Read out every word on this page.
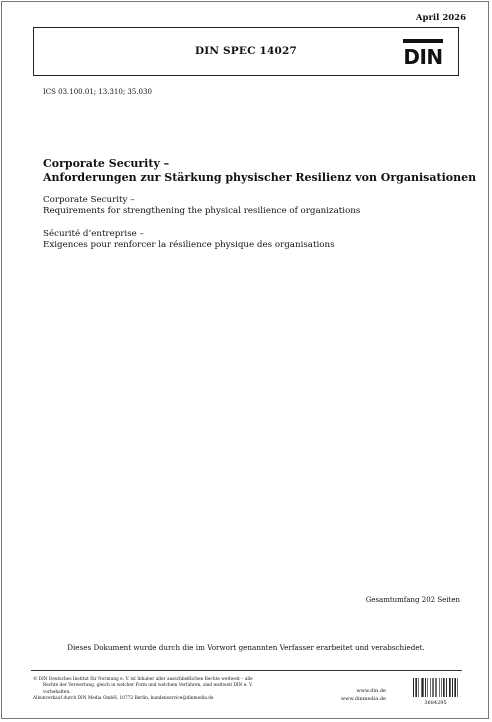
April 2026
DIN SPEC 14027	DIN
ICS 03.100.01; 13.310; 35.030
Corporate Security –
Anforderungen zur Stärkung physischer Resilienz von Organisationen
Corporate Security –
Requirements for strengthening the physical resilience of organizations
Sécurité d’entreprise –
Exigences pour renforcer la résilience physique des organisations
Gesamtumfang 202 Seiten
Dieses Dokument wurde durch die im Vorwort genannten Verfasser erarbeitet und verabschiedet.
© DIN Deutsches Institut für Normung e. V. ist Inhaber aller ausschließlichen Rechte weltweit – alle
Rechte der Verwertung, gleich in welcher Form und welchem Verfahren, sind weltweit DIN e. V.
vorbehalten.
Alleinverkauf durch DIN Media GmbH, 10772 Berlin, kundenservice@dinmedia.de
www.din.de
www.dinmedia.de
3684295
